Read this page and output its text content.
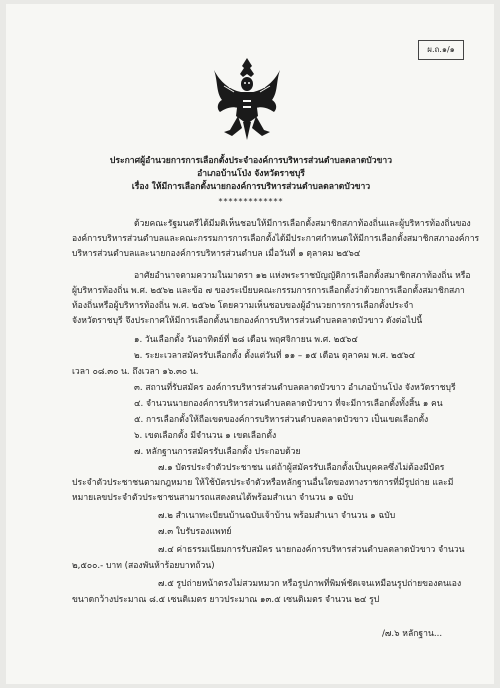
ผ.ถ.๑/๑
ประกาศผู้อำนวยการการเลือกตั้งประจำองค์การบริหารส่วนตำบลตลาดบัวขาว
อำเภอบ้านโป่ง จังหวัดราชบุรี
เรื่อง ให้มีการเลือกตั้งนายกองค์การบริหารส่วนตำบลตลาดบัวขาว
*************
ด้วยคณะรัฐมนตรีได้มีมติเห็นชอบให้มีการเลือกตั้งสมาชิกสภาท้องถิ่นและผู้บริหารท้องถิ่นของ
องค์การบริหารส่วนตำบลและคณะกรรมการการเลือกตั้งได้มีประกาศกำหนดให้มีการเลือกตั้งสมาชิกสภาองค์การ
บริหารส่วนตำบลและนายกองค์การบริหารส่วนตำบล เมื่อวันที่ ๑ ตุลาคม ๒๕๖๔
อาศัยอำนาจตามความในมาตรา ๑๒ แห่งพระราชบัญญัติการเลือกตั้งสมาชิกสภาท้องถิ่น หรือ
ผู้บริหารท้องถิ่น พ.ศ. ๒๕๖๒ และข้อ ๗ ของระเบียบคณะกรรมการการเลือกตั้งว่าด้วยการเลือกตั้งสมาชิกสภา
ท้องถิ่นหรือผู้บริหารท้องถิ่น พ.ศ. ๒๕๖๒ โดยความเห็นชอบของผู้อำนวยการการเลือกตั้งประจำ
จังหวัดราชบุรี จึงประกาศให้มีการเลือกตั้งนายกองค์การบริหารส่วนตำบลตลาดบัวขาว ดังต่อไปนี้
๑. วันเลือกตั้ง วันอาทิตย์ที่ ๒๘ เดือน พฤศจิกายน พ.ศ. ๒๕๖๔
๒. ระยะเวลาสมัครรับเลือกตั้ง ตั้งแต่วันที่ ๑๑ – ๑๕ เดือน ตุลาคม พ.ศ. ๒๕๖๔
เวลา ๐๘.๓๐ น. ถึงเวลา ๑๖.๓๐ น.
๓. สถานที่รับสมัคร องค์การบริหารส่วนตำบลตลาดบัวขาว อำเภอบ้านโป่ง จังหวัดราชบุรี
๔. จำนวนนายกองค์การบริหารส่วนตำบลตลาดบัวขาว ที่จะมีการเลือกตั้งทั้งสิ้น ๑ คน
๕. การเลือกตั้งให้ถือเขตของค์การบริหารส่วนตำบลตลาดบัวขาว เป็นเขตเลือกตั้ง
๖. เขตเลือกตั้ง มีจำนวน ๑ เขตเลือกตั้ง
๗. หลักฐานการสมัครรับเลือกตั้ง ประกอบด้วย
๗.๑ บัตรประจำตัวประชาชน แต่ถ้าผู้สมัครรับเลือกตั้งเป็นบุคคลซึ่งไม่ต้องมีบัตร
ประจำตัวประชาชนตามกฎหมาย ให้ใช้บัตรประจำตัวหรือหลักฐานอื่นใดของทางราชการที่มีรูปถ่าย และมี
หมายเลขประจำตัวประชาชนสามารถแสดงตนได้พร้อมสำเนา จำนวน ๑ ฉบับ
๗.๒ สำเนาทะเบียนบ้านฉบับเจ้าบ้าน พร้อมสำเนา จำนวน ๑ ฉบับ
๗.๓ ใบรับรองแพทย์
๗.๔ ค่าธรรมเนียมการรับสมัคร นายกองค์การบริหารส่วนตำบลตลาดบัวขาว จำนวน
๒,๕๐๐.- บาท (สองพันห้าร้อยบาทถ้วน)
๗.๕ รูปถ่ายหน้าตรงไม่สวมหมวก หรือรูปภาพที่พิมพ์ชัดเจนเหมือนรูปถ่ายของตนเอง
ขนาดกว้างประมาณ ๘.๕ เซนติเมตร ยาวประมาณ ๑๓.๕ เซนติเมตร จำนวน ๒๔ รูป
/๗.๖ หลักฐาน...
